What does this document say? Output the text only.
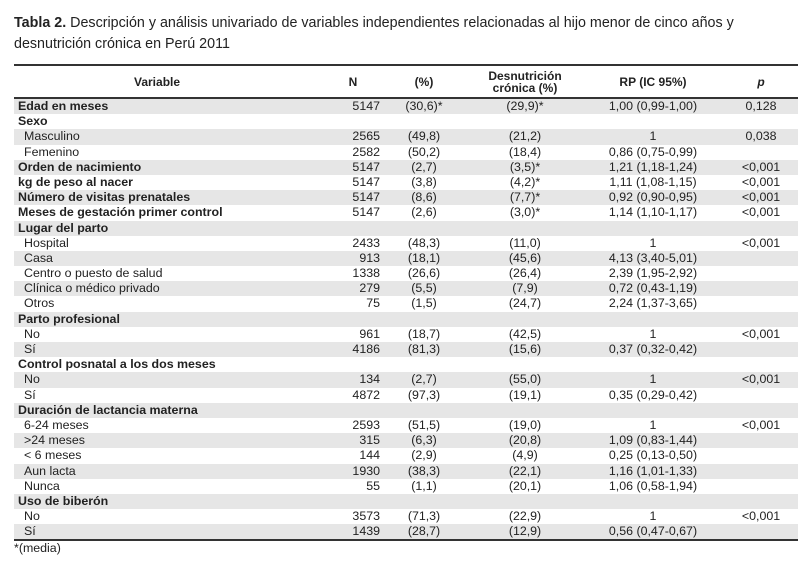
Tabla 2. Descripción y análisis univariado de variables independientes relacionadas al hijo menor de cinco años y desnutrición crónica en Perú 2011
Variable	N	(%)	Desnutrición crónica (%)	RP (IC 95%)	p
Edad en meses	5147	(30,6)*	(29,9)*	1,00 (0,99-1,00)	0,128
Sexo
Masculino	2565	(49,8)	(21,2)	1	0,038
Femenino	2582	(50,2)	(18,4)	0,86 (0,75-0,99)
Orden de nacimiento	5147	(2,7)	(3,5)*	1,21 (1,18-1,24)	<0,001
kg de peso al nacer	5147	(3,8)	(4,2)*	1,11 (1,08-1,15)	<0,001
Número de visitas prenatales	5147	(8,6)	(7,7)*	0,92 (0,90-0,95)	<0,001
Meses de gestación primer control	5147	(2,6)	(3,0)*	1,14 (1,10-1,17)	<0,001
Lugar del parto
Hospital	2433	(48,3)	(11,0)	1	<0,001
Casa	913	(18,1)	(45,6)	4,13 (3,40-5,01)
Centro o puesto de salud	1338	(26,6)	(26,4)	2,39 (1,95-2,92)
Clínica o médico privado	279	(5,5)	(7,9)	0,72 (0,43-1,19)
Otros	75	(1,5)	(24,7)	2,24 (1,37-3,65)
Parto profesional
No	961	(18,7)	(42,5)	1	<0,001
Sí	4186	(81,3)	(15,6)	0,37 (0,32-0,42)
Control posnatal a los dos meses
No	134	(2,7)	(55,0)	1	<0,001
Sí	4872	(97,3)	(19,1)	0,35 (0,29-0,42)
Duración de lactancia materna
6-24 meses	2593	(51,5)	(19,0)	1	<0,001
>24 meses	315	(6,3)	(20,8)	1,09 (0,83-1,44)
< 6 meses	144	(2,9)	(4,9)	0,25 (0,13-0,50)
Aun lacta	1930	(38,3)	(22,1)	1,16 (1,01-1,33)
Nunca	55	(1,1)	(20,1)	1,06 (0,58-1,94)
Uso de biberón
No	3573	(71,3)	(22,9)	1	<0,001
Sí	1439	(28,7)	(12,9)	0,56 (0,47-0,67)
*(media)
